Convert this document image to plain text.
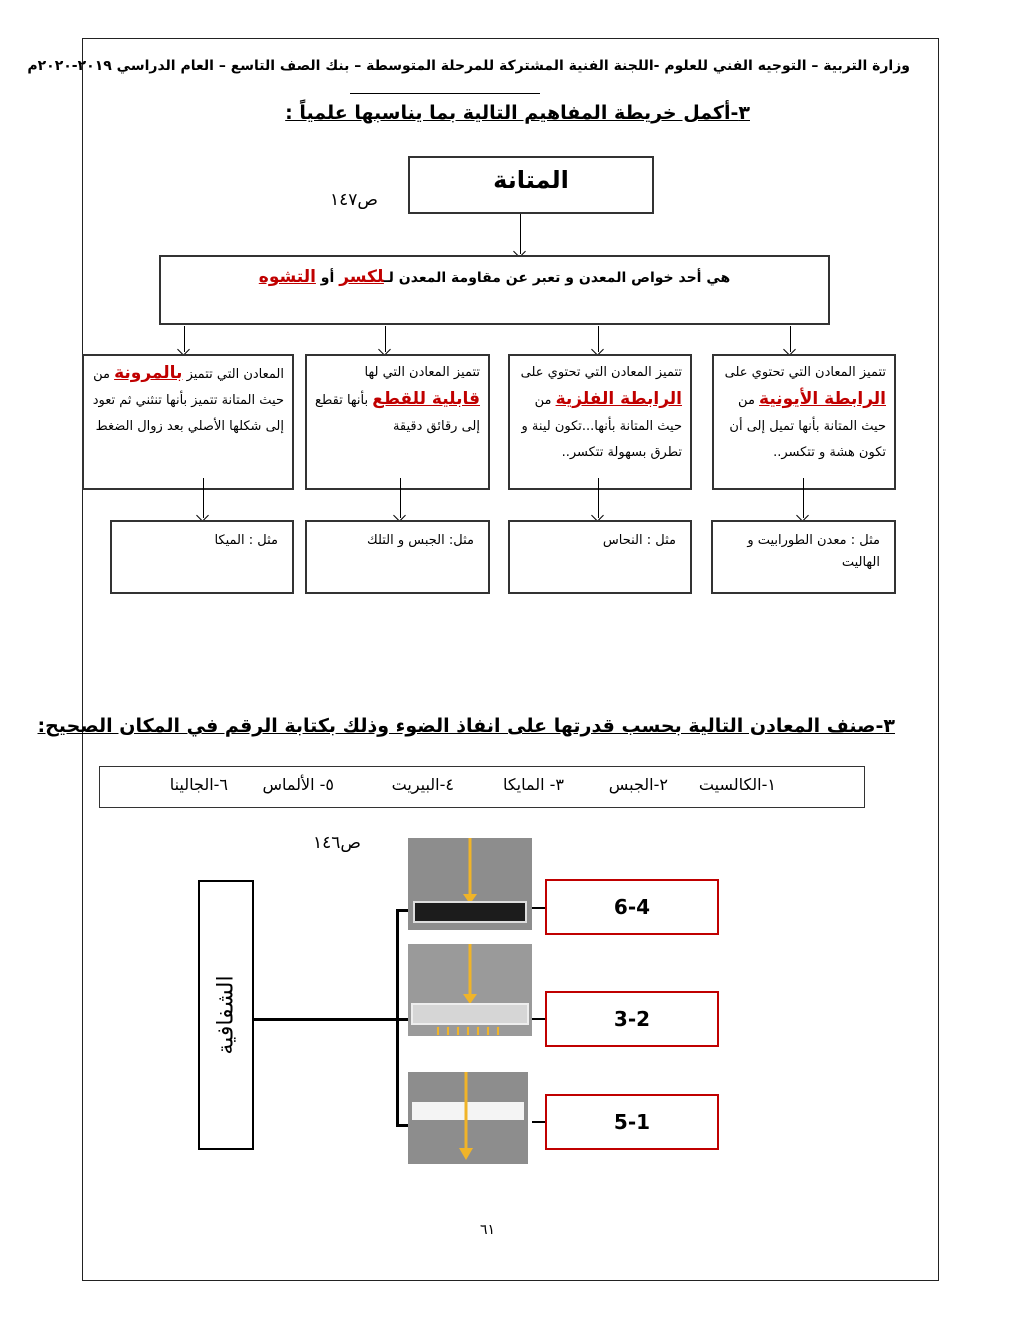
وزارة التربية – التوجيه الفني للعلوم -اللجنة الفنية المشتركة للمرحلة المتوسطة – بنك الصف التاسع – العام الدراسي ٢٠١٩-٢٠٢٠م
٣-أكمل خريطة المفاهيم التالية بما يناسبها علمياً :
المتانة
ص١٤٧
هي أحد خواص المعدن و تعبر عن مقاومة المعدن لـلكسر أو التشوه
تتميز المعادن التي تحتوي على الرابطة الأيونية من حيث المتانة بأنها تميل إلى أن تكون هشة و تتكسر..
تتميز المعادن التي تحتوي على الرابطة الفلزية من حيث المتانة بأنها...تكون لينة و تطرق بسهولة تتكسر..
تتميز المعادن التي لها قابلية للقطع بأنها تقطع إلى رقائق دقيقة
المعادن التي تتميز بالمرونة من حيث المتانة تتميز بأنها تنثني ثم تعود إلى شكلها الأصلي بعد زوال الضغط
مثل : معدن الطورابيت و الهاليت
مثل : النحاس
مثل: الجبس و التلك
مثل : الميكا
٣-صنف المعادن التالية بحسب قدرتها على انفاذ الضوء وذلك بكتابة الرقم في المكان الصحيح:
١-الكالسيت
٢-الجبس
٣- المايكا
٤-البيريت
٥- الألماس
٦-الجالينا
ص١٤٦
الشفافية
6-4
3-2
5-1
٦١
